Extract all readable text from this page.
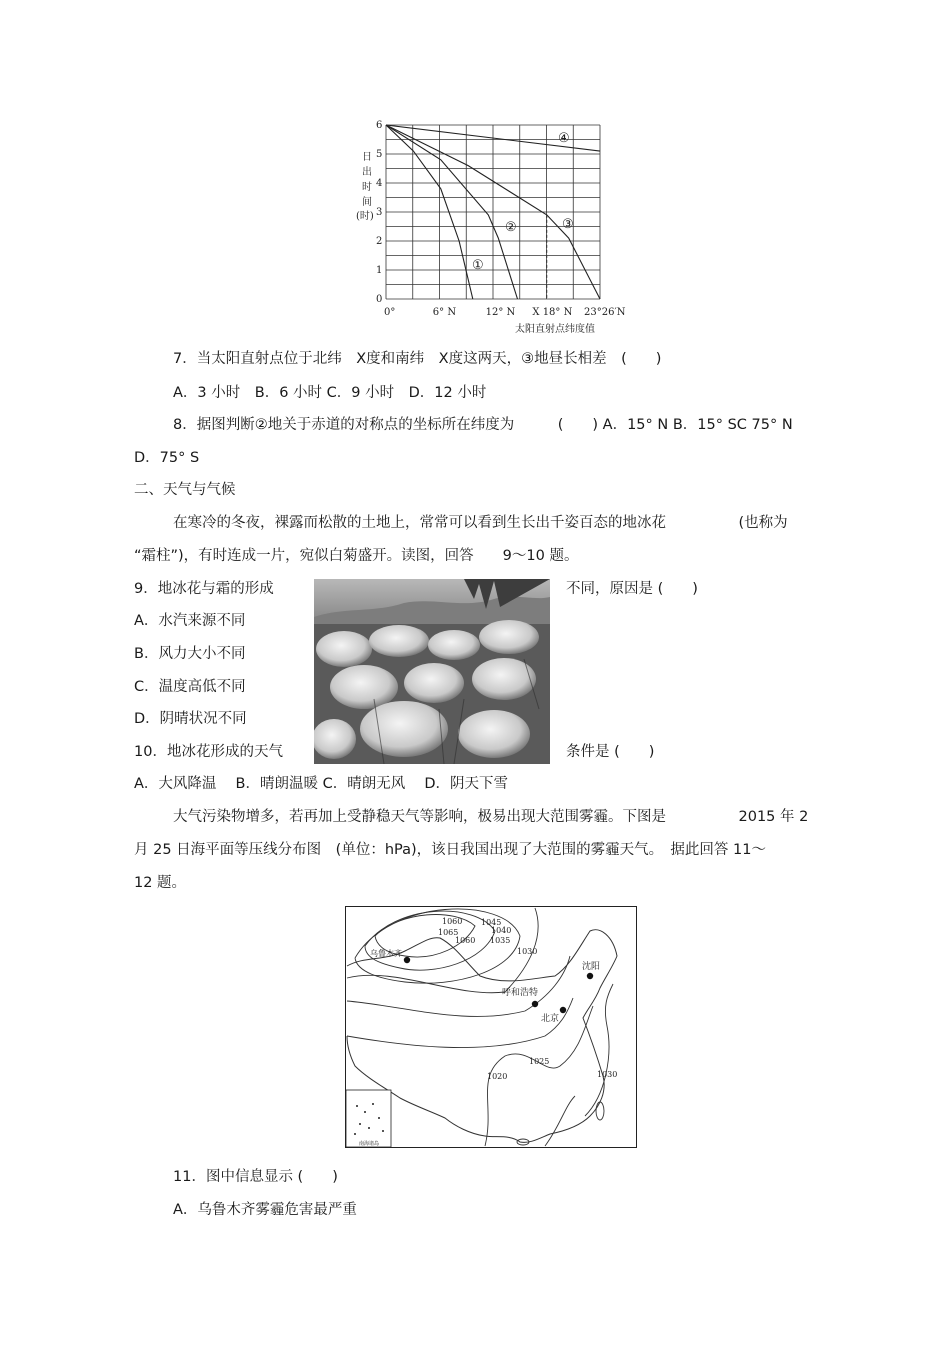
0
1
2
3
4
5
6
0°	6° N	12° N X 18° N 23°26′N
日
出
时
间
(时)
太阳直射点纬度值
①
②	③
④
7．当太阳直射点位于北纬　X度和南纬　X度这两天，③地昼长相差　(　　)
A．3 小时　B．6 小时 C．9 小时　D．12 小时
8．据图判断②地关于赤道的对称点的坐标所在纬度为　　　(　　) A．15° N B．15° SC 75° N
D．75° S
二、天气与气候
在寒冷的冬夜，裸露而松散的土地上，常常可以看到生长出千姿百态的地冰花　　　　　(也称为
“霜柱”)，有时连成一片，宛似白菊盛开。读图，回答　　9～10 题。
9．地冰花与霜的形成	不同，原因是 (　　)
A．水汽来源不同
B．风力大小不同
C．温度高低不同
D．阴晴状况不同
10．地冰花形成的天气	条件是 (　　)
A．大风降温　 B．晴朗温暖 C．晴朗无风　 D．阴天下雪
大气污染物增多，若再加上受静稳天气等影响，极易出现大范围雾霾。下图是　　　　　2015 年 2
月 25 日海平面等压线分布图　(单位：hPa)，该日我国出现了大范围的雾霾天气。　据此回答 11～
12 题。
11．图中信息显示 (　　)
A．乌鲁木齐雾霾危害最严重
南海诸岛
乌鲁木齐
呼和浩特
北京
沈阳
1060 1045
1065	1040
1060 1035
1030
1025
1020	1030
